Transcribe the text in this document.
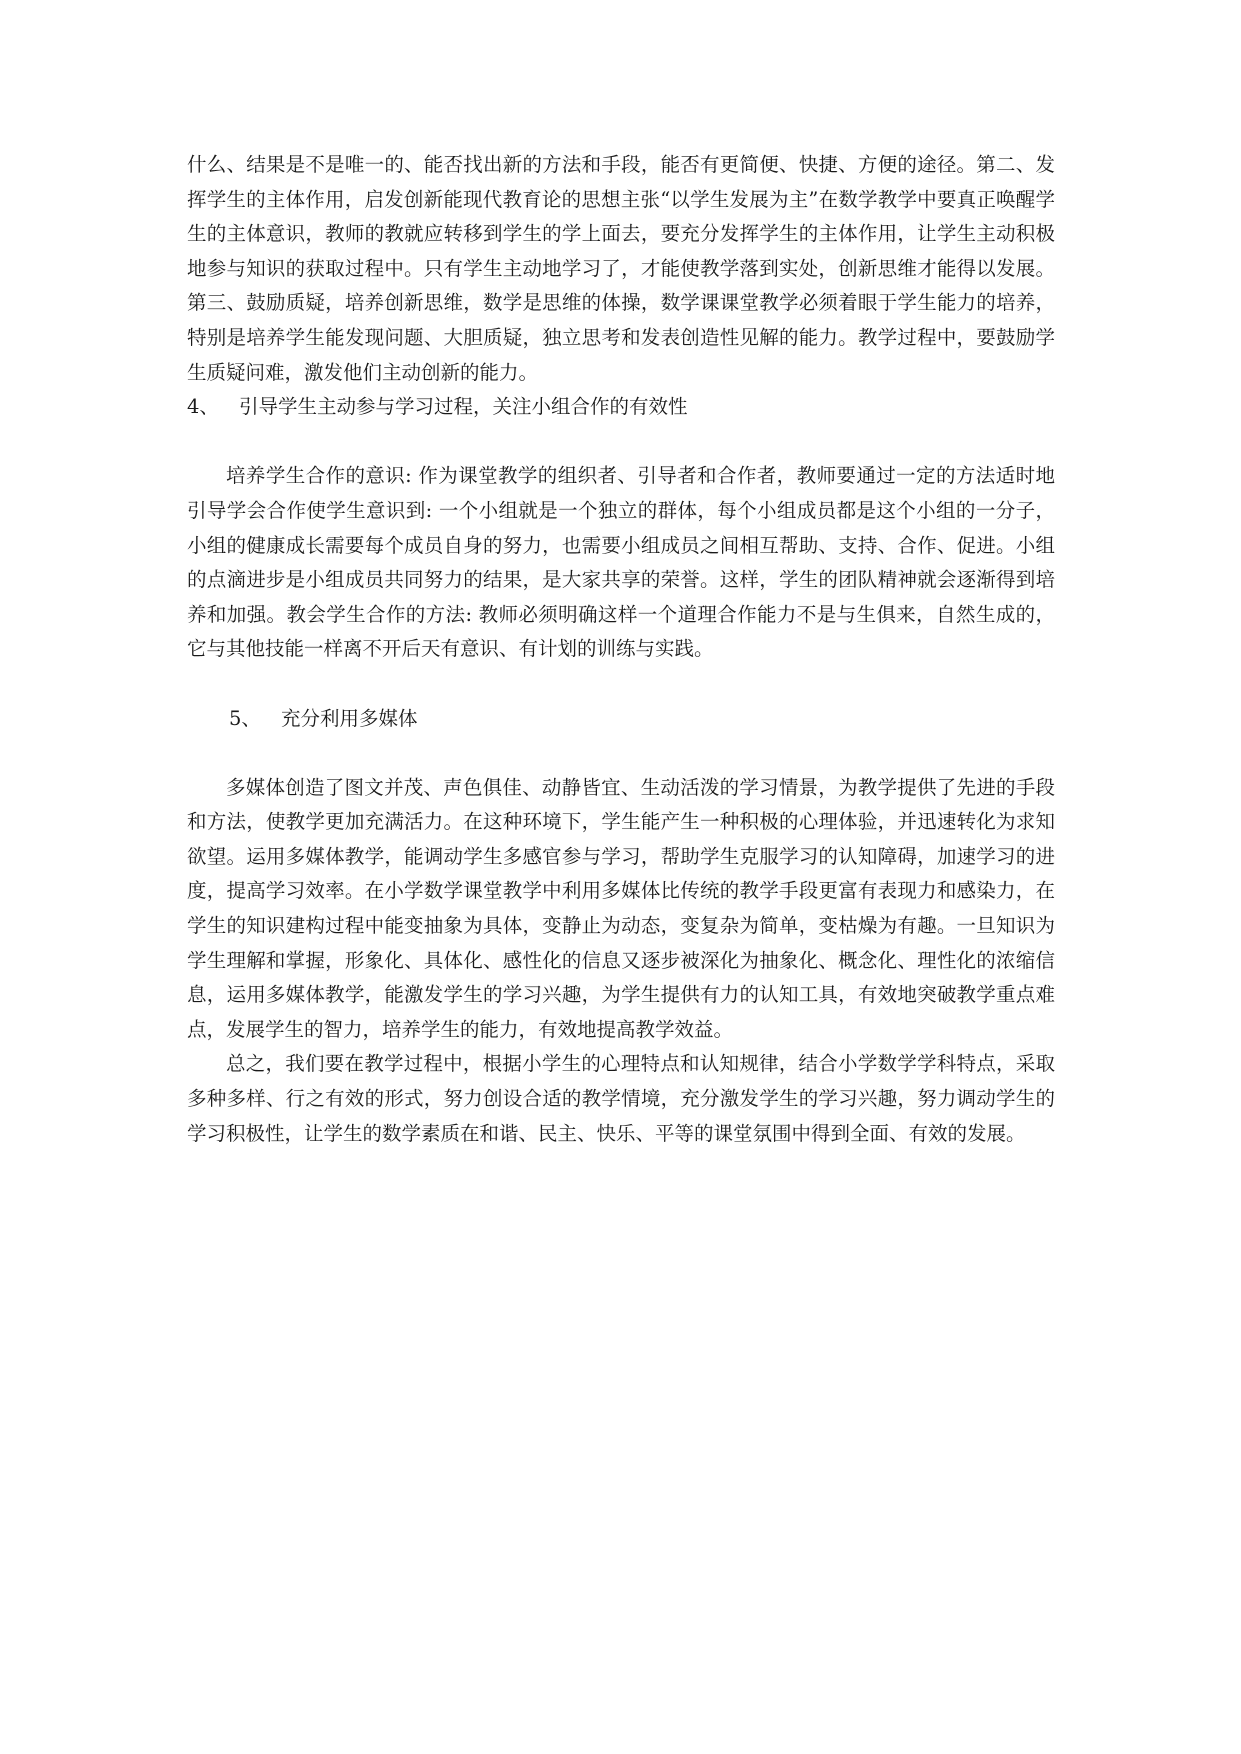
什么、结果是不是唯一的、能否找出新的方法和手段，能否有更简便、快捷、方便的途径。第二、发挥学生的主体作用，启发创新能现代教育论的思想主张“以学生发展为主”在数学教学中要真正唤醒学生的主体意识，教师的教就应转移到学生的学上面去，要充分发挥学生的主体作用，让学生主动积极地参与知识的获取过程中。只有学生主动地学习了，才能使教学落到实处，创新思维才能得以发展。第三、鼓励质疑，培养创新思维，数学是思维的体操，数学课课堂教学必须着眼于学生能力的培养，特别是培养学生能发现问题、大胆质疑，独立思考和发表创造性见解的能力。教学过程中，要鼓励学生质疑问难，激发他们主动创新的能力。

4、	引导学生主动参与学习过程，关注小组合作的有效性

培养学生合作的意识: 作为课堂教学的组织者、引导者和合作者，教师要通过一定的方法适时地引导学会合作使学生意识到: 一个小组就是一个独立的群体，每个小组成员都是这个小组的一分子，小组的健康成长需要每个成员自身的努力，也需要小组成员之间相互帮助、支持、合作、促进。小组的点滴进步是小组成员共同努力的结果，是大家共享的荣誉。这样，学生的团队精神就会逐渐得到培养和加强。教会学生合作的方法: 教师必须明确这样一个道理合作能力不是与生俱来，自然生成的，它与其他技能一样离不开后天有意识、有计划的训练与实践。

5、	充分利用多媒体

多媒体创造了图文并茂、声色俱佳、动静皆宜、生动活泼的学习情景，为教学提供了先进的手段和方法，使教学更加充满活力。在这种环境下，学生能产生一种积极的心理体验，并迅速转化为求知欲望。运用多媒体教学，能调动学生多感官参与学习，帮助学生克服学习的认知障碍，加速学习的进度，提高学习效率。在小学数学课堂教学中利用多媒体比传统的教学手段更富有表现力和感染力，在学生的知识建构过程中能变抽象为具体，变静止为动态，变复杂为简单，变枯燥为有趣。一旦知识为学生理解和掌握，形象化、具体化、感性化的信息又逐步被深化为抽象化、概念化、理性化的浓缩信息，运用多媒体教学，能激发学生的学习兴趣，为学生提供有力的认知工具，有效地突破教学重点难点，发展学生的智力，培养学生的能力，有效地提高教学效益。

总之，我们要在教学过程中，根据小学生的心理特点和认知规律，结合小学数学学科特点，采取多种多样、行之有效的形式，努力创设合适的教学情境，充分激发学生的学习兴趣，努力调动学生的学习积极性，让学生的数学素质在和谐、民主、快乐、平等的课堂氛围中得到全面、有效的发展。
